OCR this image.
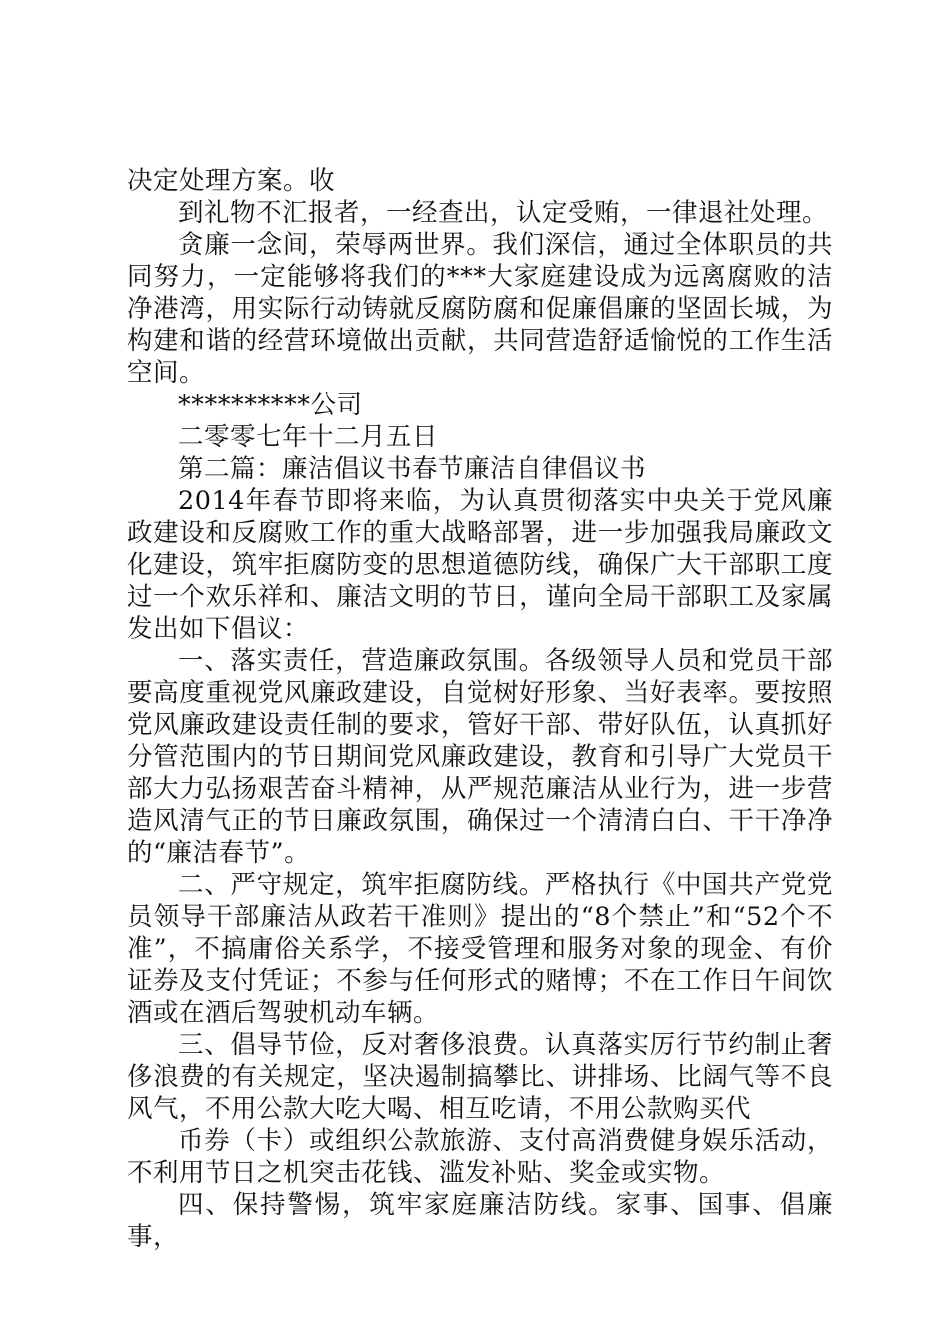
决定处理方案。收

到礼物不汇报者，一经查出，认定受贿，一律退社处理。

贪廉一念间，荣辱两世界。我们深信，通过全体职员的共同努力，一定能够将我们的***大家庭建设成为远离腐败的洁净港湾，用实际行动铸就反腐防腐和促廉倡廉的坚固长城，为构建和谐的经营环境做出贡献，共同营造舒适愉悦的工作生活空间。

**********公司

二零零七年十二月五日

第二篇：廉洁倡议书春节廉洁自律倡议书

2014年春节即将来临，为认真贯彻落实中央关于党风廉政建设和反腐败工作的重大战略部署，进一步加强我局廉政文化建设，筑牢拒腐防变的思想道德防线，确保广大干部职工度过一个欢乐祥和、廉洁文明的节日，谨向全局干部职工及家属发出如下倡议：

一、落实责任，营造廉政氛围。各级领导人员和党员干部要高度重视党风廉政建设，自觉树好形象、当好表率。要按照党风廉政建设责任制的要求，管好干部、带好队伍，认真抓好分管范围内的节日期间党风廉政建设，教育和引导广大党员干部大力弘扬艰苦奋斗精神，从严规范廉洁从业行为，进一步营造风清气正的节日廉政氛围，确保过一个清清白白、干干净净的“廉洁春节”。

二、严守规定，筑牢拒腐防线。严格执行《中国共产党党员领导干部廉洁从政若干准则》提出的“8个禁止”和“52个不准”，不搞庸俗关系学，不接受管理和服务对象的现金、有价证券及支付凭证；不参与任何形式的赌博；不在工作日午间饮酒或在酒后驾驶机动车辆。

三、倡导节俭，反对奢侈浪费。认真落实厉行节约制止奢侈浪费的有关规定，坚决遏制搞攀比、讲排场、比阔气等不良风气，不用公款大吃大喝、相互吃请，不用公款购买代

币券（卡）或组织公款旅游、支付高消费健身娱乐活动，不利用节日之机突击花钱、滥发补贴、奖金或实物。

四、保持警惕，筑牢家庭廉洁防线。家事、国事、倡廉事，
